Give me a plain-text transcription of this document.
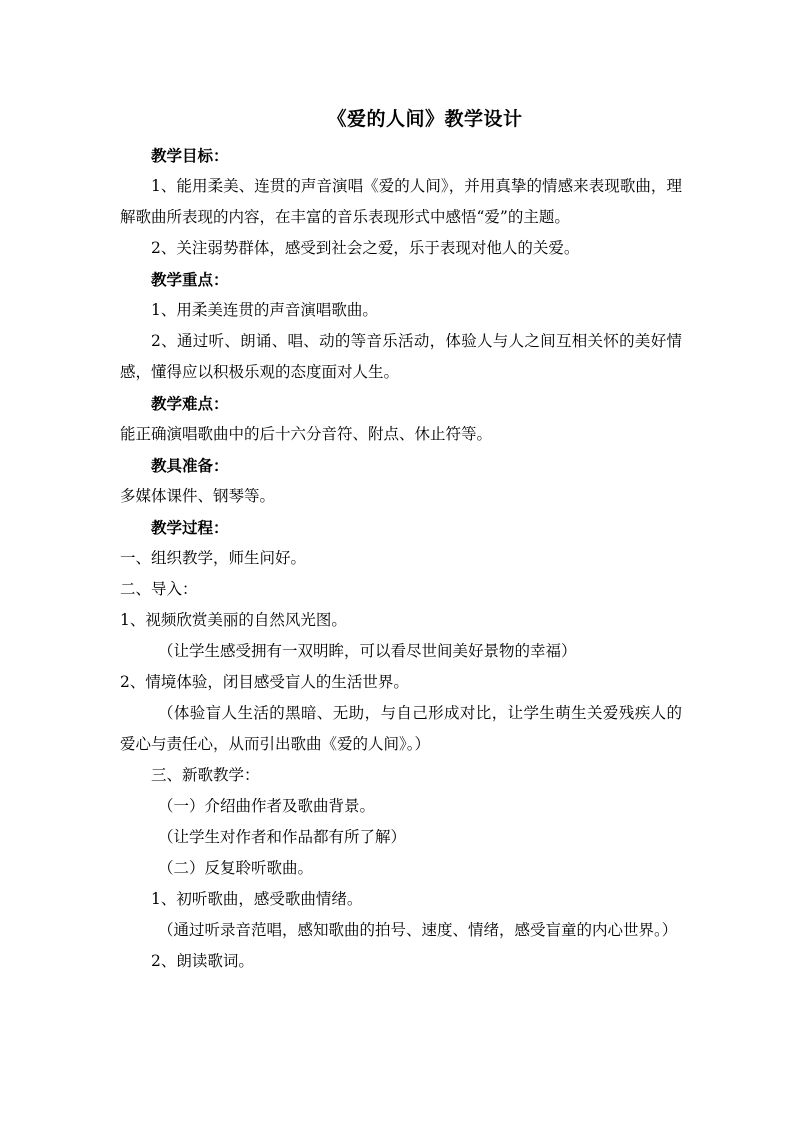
《爱的人间》教学设计

教学目标：

1、能用柔美、连贯的声音演唱《爱的人间》，并用真挚的情感来表现歌曲，理解歌曲所表现的内容，在丰富的音乐表现形式中感悟“爱”的主题。

2、关注弱势群体，感受到社会之爱，乐于表现对他人的关爱。

教学重点：

1、用柔美连贯的声音演唱歌曲。

2、通过听、朗诵、唱、动的等音乐活动，体验人与人之间互相关怀的美好情感，懂得应以积极乐观的态度面对人生。

教学难点：

能正确演唱歌曲中的后十六分音符、附点、休止符等。

教具准备：

多媒体课件、钢琴等。

教学过程：

一、组织教学，师生问好。

二、导入：

1、视频欣赏美丽的自然风光图。

（让学生感受拥有一双明眸，可以看尽世间美好景物的幸福）

2、情境体验，闭目感受盲人的生活世界。

（体验盲人生活的黑暗、无助，与自己形成对比，让学生萌生关爱残疾人的爱心与责任心，从而引出歌曲《爱的人间》。）

三、新歌教学：

（一）介绍曲作者及歌曲背景。

（让学生对作者和作品都有所了解）

（二）反复聆听歌曲。

1、初听歌曲，感受歌曲情绪。

（通过听录音范唱，感知歌曲的拍号、速度、情绪，感受盲童的内心世界。）

2、朗读歌词。
